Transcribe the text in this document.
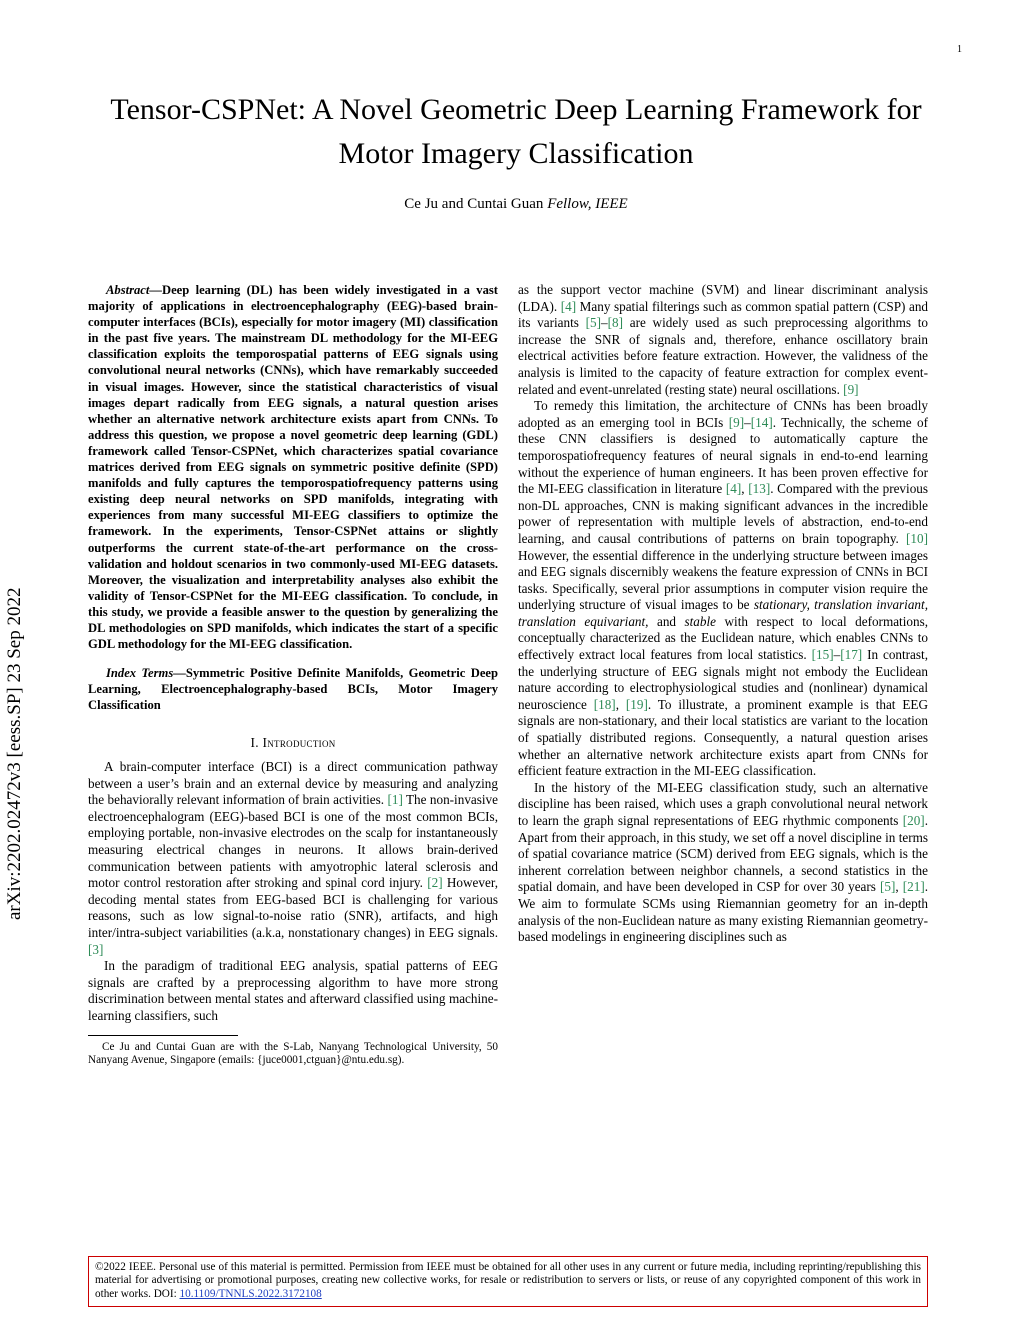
1
arXiv:2202.02472v3 [eess.SP] 23 Sep 2022
Tensor-CSPNet: A Novel Geometric Deep Learning Framework for Motor Imagery Classification
Ce Ju and Cuntai Guan Fellow, IEEE
Abstract—Deep learning (DL) has been widely investigated in a vast majority of applications in electroencephalography (EEG)-based brain-computer interfaces (BCIs), especially for motor imagery (MI) classification in the past five years. The mainstream DL methodology for the MI-EEG classification exploits the temporospatial patterns of EEG signals using convolutional neural networks (CNNs), which have remarkably succeeded in visual images. However, since the statistical characteristics of visual images depart radically from EEG signals, a natural question arises whether an alternative network architecture exists apart from CNNs. To address this question, we propose a novel geometric deep learning (GDL) framework called Tensor-CSPNet, which characterizes spatial covariance matrices derived from EEG signals on symmetric positive definite (SPD) manifolds and fully captures the temporospatiofrequency patterns using existing deep neural networks on SPD manifolds, integrating with experiences from many successful MI-EEG classifiers to optimize the framework. In the experiments, Tensor-CSPNet attains or slightly outperforms the current state-of-the-art performance on the cross-validation and holdout scenarios in two commonly-used MI-EEG datasets. Moreover, the visualization and interpretability analyses also exhibit the validity of Tensor-CSPNet for the MI-EEG classification. To conclude, in this study, we provide a feasible answer to the question by generalizing the DL methodologies on SPD manifolds, which indicates the start of a specific GDL methodology for the MI-EEG classification.
Index Terms—Symmetric Positive Definite Manifolds, Geometric Deep Learning, Electroencephalography-based BCIs, Motor Imagery Classification
I. Introduction

A brain-computer interface (BCI) is a direct communication pathway between a user’s brain and an external device by measuring and analyzing the behaviorally relevant information of brain activities. [1] The non-invasive electroencephalogram (EEG)-based BCI is one of the most common BCIs, employing portable, non-invasive electrodes on the scalp for instantaneously measuring electrical changes in neurons. It allows brain-derived communication between patients with amyotrophic lateral sclerosis and motor control restoration after stroking and spinal cord injury. [2] However, decoding mental states from EEG-based BCI is challenging for various reasons, such as low signal-to-noise ratio (SNR), artifacts, and high inter/intra-subject variabilities (a.k.a, nonstationary changes) in EEG signals. [3]

In the paradigm of traditional EEG analysis, spatial patterns of EEG signals are crafted by a preprocessing algorithm to have more strong discrimination between mental states and afterward classified using machine-learning classifiers, such

Ce Ju and Cuntai Guan are with the S-Lab, Nanyang Technological University, 50 Nanyang Avenue, Singapore (emails: {juce0001,ctguan}@ntu.edu.sg).

as the support vector machine (SVM) and linear discriminant analysis (LDA). [4] Many spatial filterings such as common spatial pattern (CSP) and its variants [5]–[8] are widely used as such preprocessing algorithms to increase the SNR of signals and, therefore, enhance oscillatory brain electrical activities before feature extraction. However, the validness of the analysis is limited to the capacity of feature extraction for complex event-related and event-unrelated (resting state) neural oscillations. [9]

To remedy this limitation, the architecture of CNNs has been broadly adopted as an emerging tool in BCIs [9]–[14]. Technically, the scheme of these CNN classifiers is designed to automatically capture the temporospatiofrequency features of neural signals in end-to-end learning without the experience of human engineers. It has been proven effective for the MI-EEG classification in literature [4], [13]. Compared with the previous non-DL approaches, CNN is making significant advances in the incredible power of representation with multiple levels of abstraction, end-to-end learning, and causal contributions of patterns on brain topography. [10] However, the essential difference in the underlying structure between images and EEG signals discernibly weakens the feature expression of CNNs in BCI tasks. Specifically, several prior assumptions in computer vision require the underlying structure of visual images to be stationary, translation invariant, translation equivariant, and stable with respect to local deformations, conceptually characterized as the Euclidean nature, which enables CNNs to effectively extract local features from local statistics. [15]–[17] In contrast, the underlying structure of EEG signals might not embody the Euclidean nature according to electrophysiological studies and (nonlinear) dynamical neuroscience [18], [19]. To illustrate, a prominent example is that EEG signals are non-stationary, and their local statistics are variant to the location of spatially distributed regions. Consequently, a natural question arises whether an alternative network architecture exists apart from CNNs for efficient feature extraction in the MI-EEG classification.

In the history of the MI-EEG classification study, such an alternative discipline has been raised, which uses a graph convolutional neural network to learn the graph signal representations of EEG rhythmic components [20]. Apart from their approach, in this study, we set off a novel discipline in terms of spatial covariance matrice (SCM) derived from EEG signals, which is the inherent correlation between neighbor channels, a second statistics in the spatial domain, and have been developed in CSP for over 30 years [5], [21]. We aim to formulate SCMs using Riemannian geometry for an in-depth analysis of the non-Euclidean nature as many existing Riemannian geometry-based modelings in engineering disciplines such as

©2022 IEEE. Personal use of this material is permitted. Permission from IEEE must be obtained for all other uses in any current or future media, including reprinting/republishing this material for advertising or promotional purposes, creating new collective works, for resale or redistribution to servers or lists, or reuse of any copyrighted component of this work in other works. DOI: 10.1109/TNNLS.2022.3172108
